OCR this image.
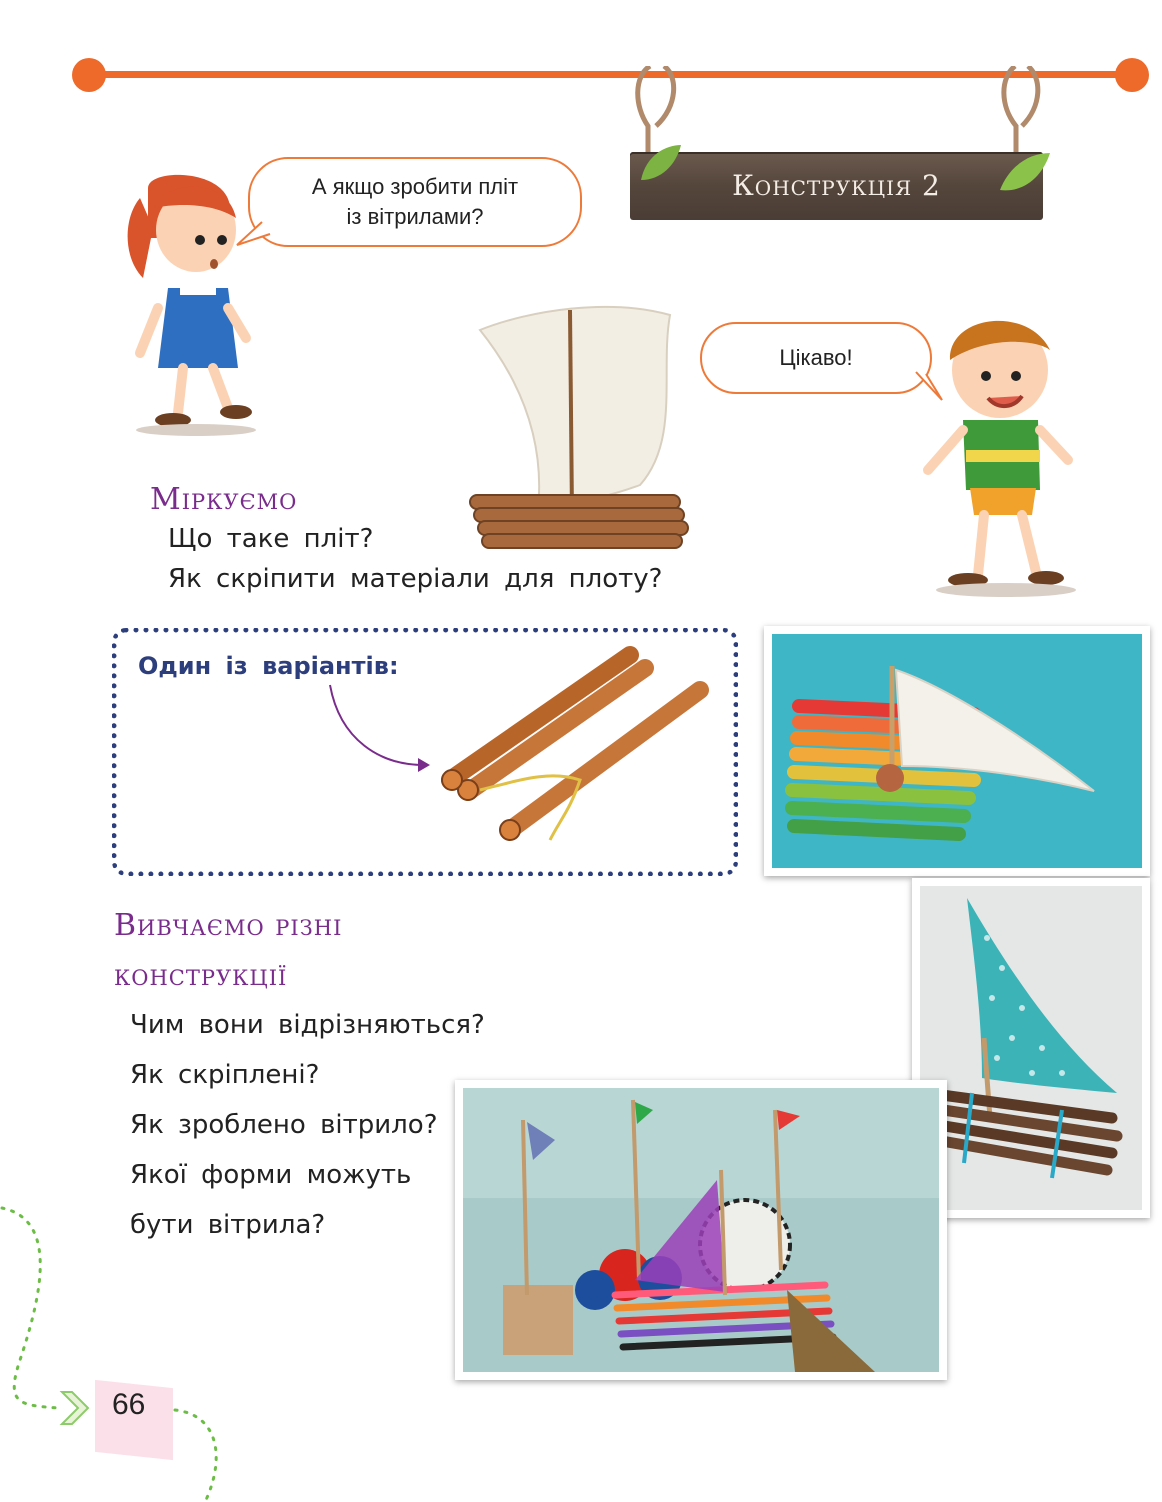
Конструкція 2
А якщо зробити пліт
із вітрилами?
Цікаво!
Міркуємо
Що таке пліт?
Як скріпити матеріали для плоту?
Один із варіантів:
Вивчаємо різні
конструкції
Чим вони відрізняються?
Як скріплені?
Як зроблено вітрило?
Якої форми можуть
бути вітрила?
66
